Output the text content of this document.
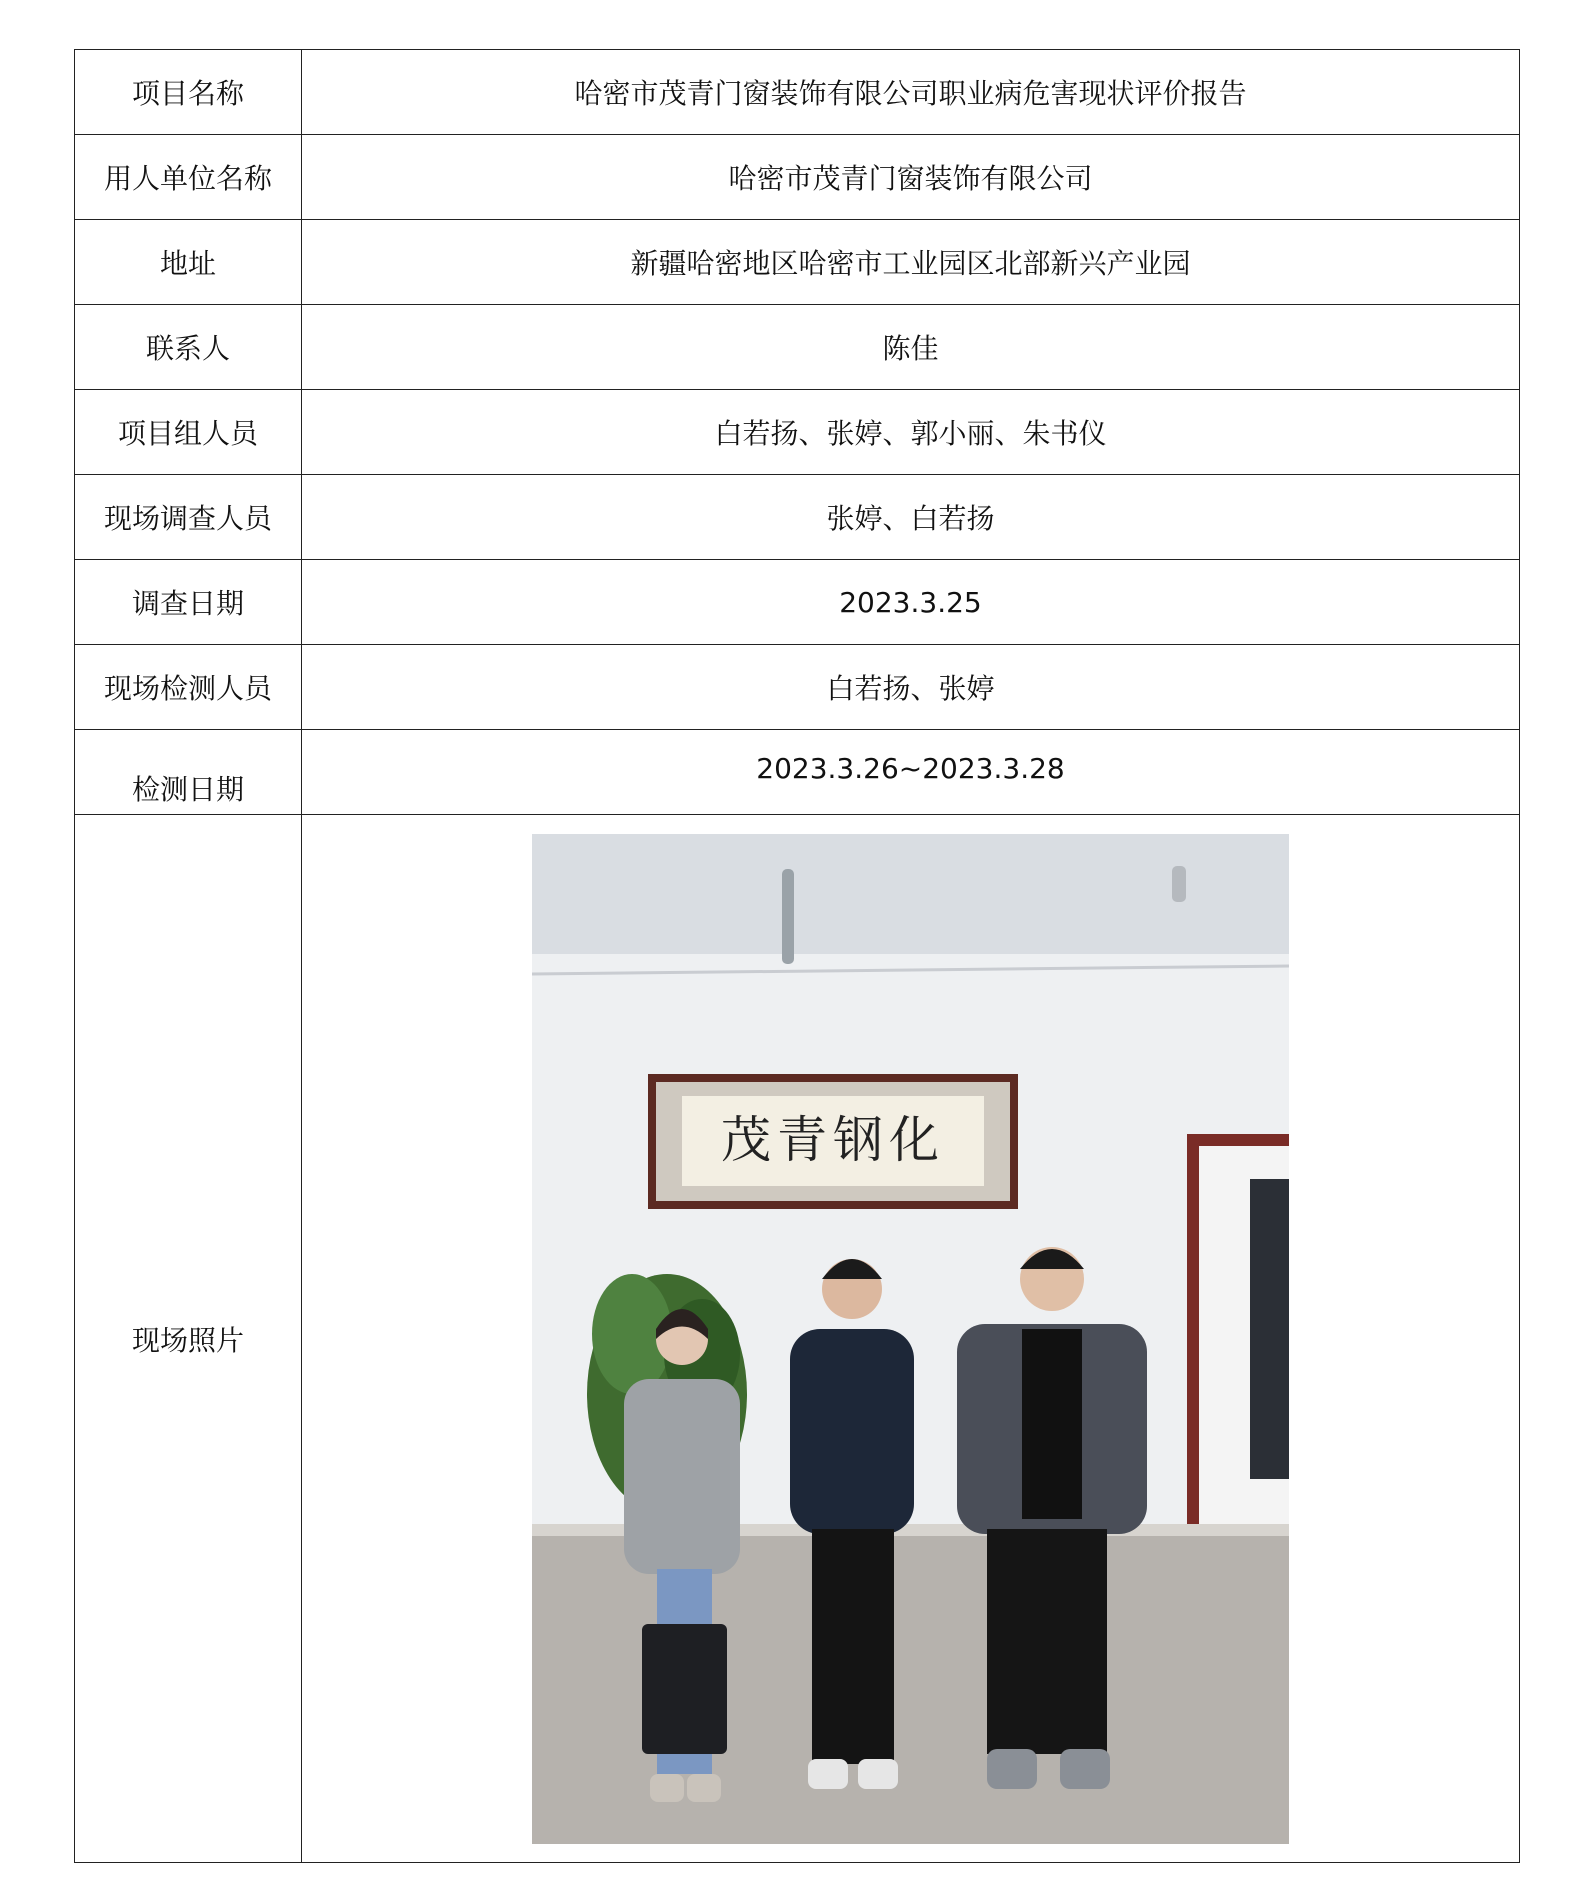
项目名称	哈密市茂青门窗装饰有限公司职业病危害现状评价报告
用人单位名称	哈密市茂青门窗装饰有限公司
地址	新疆哈密地区哈密市工业园区北部新兴产业园
联系人	陈佳
项目组人员	白若扬、张婷、郭小丽、朱书仪
现场调查人员	张婷、白若扬
调查日期	2023.3.25
现场检测人员	白若扬、张婷
检测日期	2023.3.26~2023.3.28
现场照片	茂青钢化
